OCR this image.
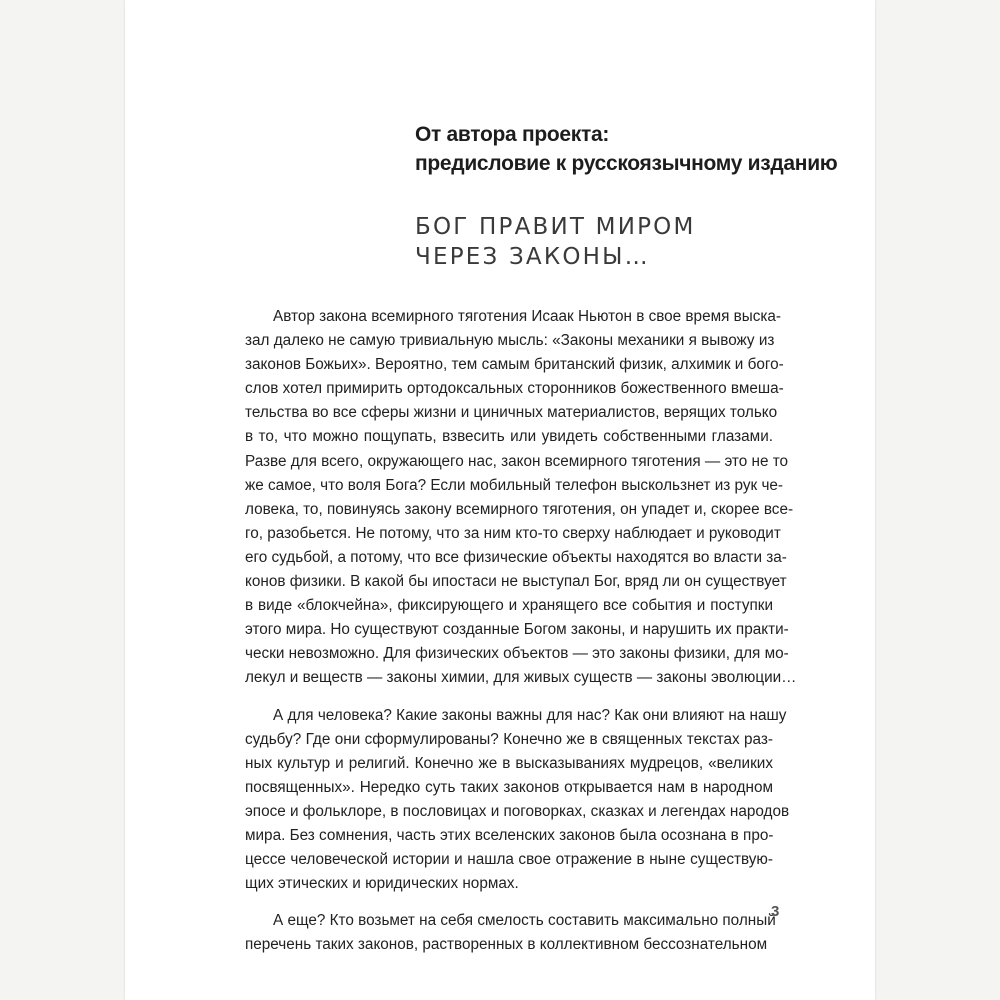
От автора проекта:
предисловие к русскоязычному изданию
БОГ ПРАВИТ МИРОМ
ЧЕРЕЗ ЗАКОНЫ…

Автор закона всемирного тяготения Исаак Ньютон в свое время выска-
зал далеко не самую тривиальную мысль: «Законы механики я вывожу из
законов Божьих». Вероятно, тем самым британский физик, алхимик и бого-
слов хотел примирить ортодоксальных сторонников божественного вмеша-
тельства во все сферы жизни и циничных материалистов, верящих только
в то, что можно пощупать, взвесить или увидеть собственными глазами.
Разве для всего, окружающего нас, закон всемирного тяготения — это не то
же самое, что воля Бога? Если мобильный телефон выскользнет из рук че-
ловека, то, повинуясь закону всемирного тяготения, он упадет и, скорее все-
го, разобьется. Не потому, что за ним кто-то сверху наблюдает и руководит
его судьбой, а потому, что все физические объекты находятся во власти за-
конов физики. В какой бы ипостаси не выступал Бог, вряд ли он существует
в виде «блокчейна», фиксирующего и хранящего все события и поступки
этого мира. Но существуют созданные Богом законы, и нарушить их практи-
чески невозможно. Для физических объектов — это законы физики, для мо-
лекул и веществ — законы химии, для живых существ — законы эволюции…

А для человека? Какие законы важны для нас? Как они влияют на нашу
судьбу? Где они сформулированы? Конечно же в священных текстах раз-
ных культур и религий. Конечно же в высказываниях мудрецов, «великих
посвященных». Нередко суть таких законов открывается нам в народном
эпосе и фольклоре, в пословицах и поговорках, сказках и легендах народов
мира. Без сомнения, часть этих вселенских законов была осознана в про-
цессе человеческой истории и нашла свое отражение в ныне существую-
щих этических и юридических нормах.

А еще? Кто возьмет на себя смелость составить максимально полный
перечень таких законов, растворенных в коллективном бессознательном

3
